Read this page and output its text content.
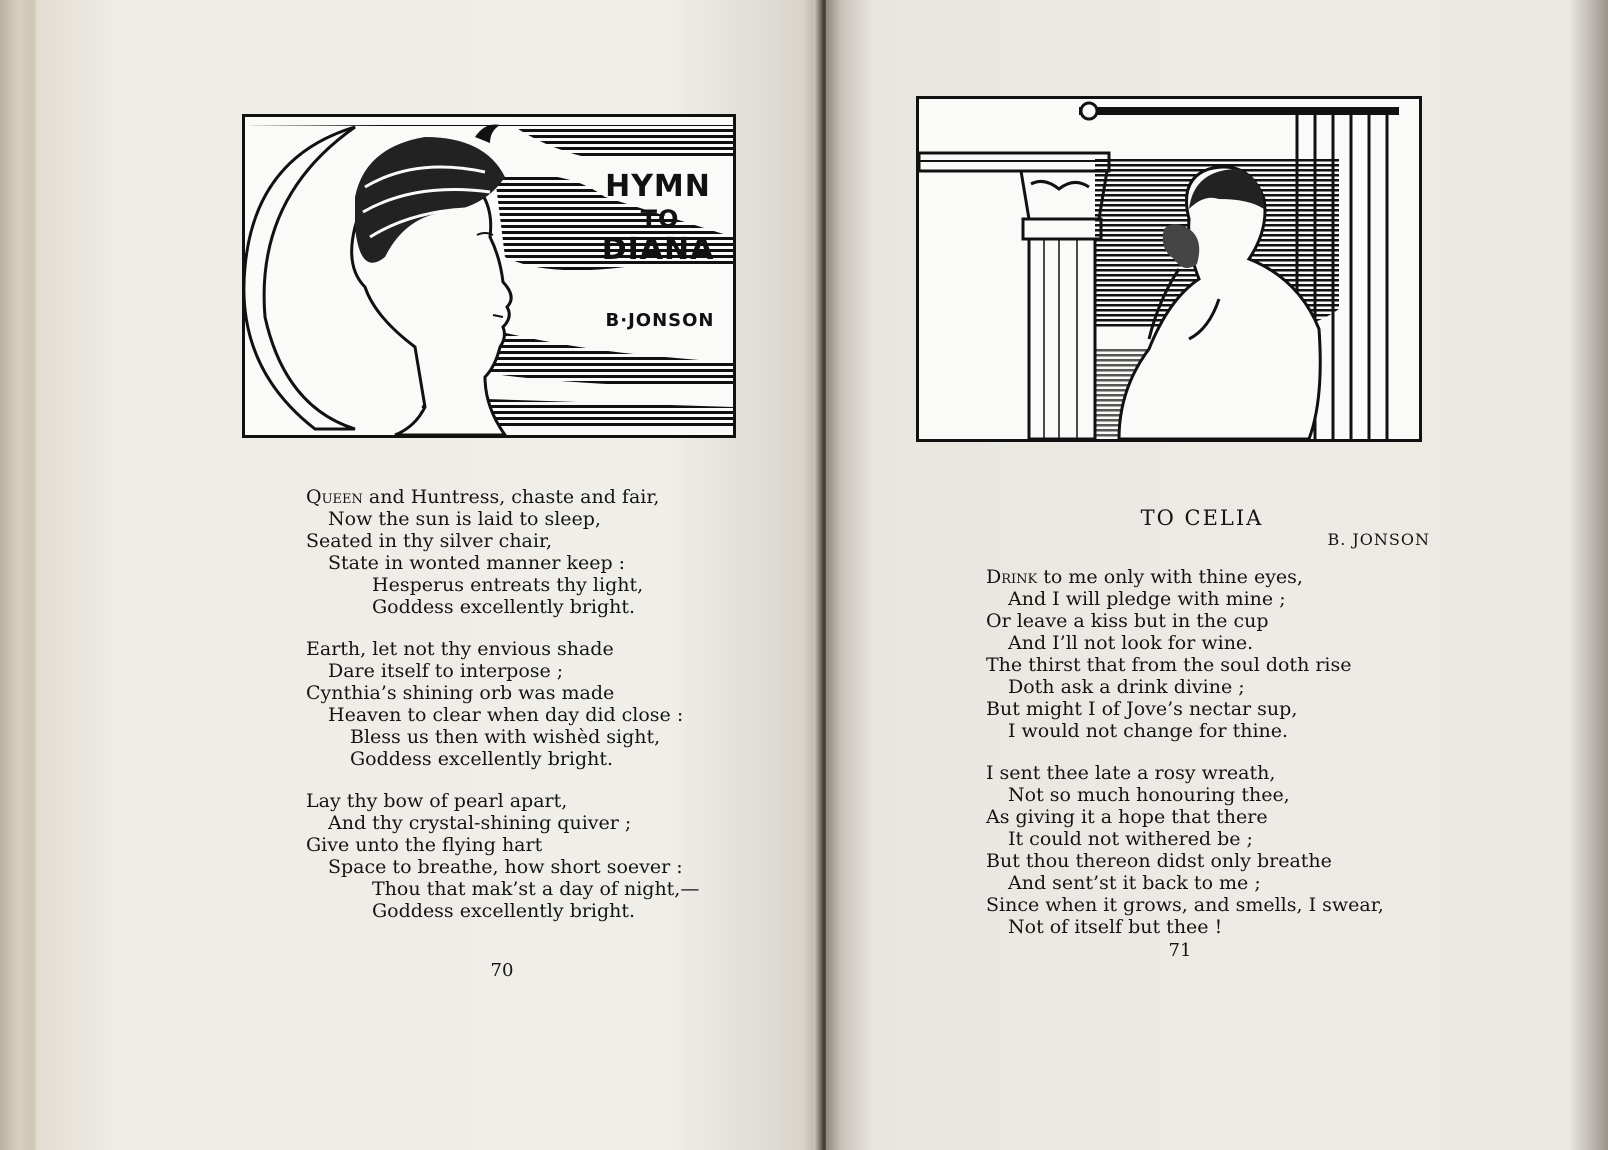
HYMN
TO
DIANA
B·JONSON
Queen and Huntress, chaste and fair,
Now the sun is laid to sleep,
Seated in thy silver chair,
State in wonted manner keep :
Hesperus entreats thy light,
Goddess excellently bright.
Earth, let not thy envious shade
Dare itself to interpose ;
Cynthia’s shining orb was made
Heaven to clear when day did close :
Bless us then with wishèd sight,
Goddess excellently bright.
Lay thy bow of pearl apart,
And thy crystal-shining quiver ;
Give unto the flying hart
Space to breathe, how short soever :
Thou that mak’st a day of night,—
Goddess excellently bright.
70
TO CELIA
B. JONSON
Drink to me only with thine eyes,
And I will pledge with mine ;
Or leave a kiss but in the cup
And I’ll not look for wine.
The thirst that from the soul doth rise
Doth ask a drink divine ;
But might I of Jove’s nectar sup,
I would not change for thine.
I sent thee late a rosy wreath,
Not so much honouring thee,
As giving it a hope that there
It could not withered be ;
But thou thereon didst only breathe
And sent’st it back to me ;
Since when it grows, and smells, I swear,
Not of itself but thee !
71
